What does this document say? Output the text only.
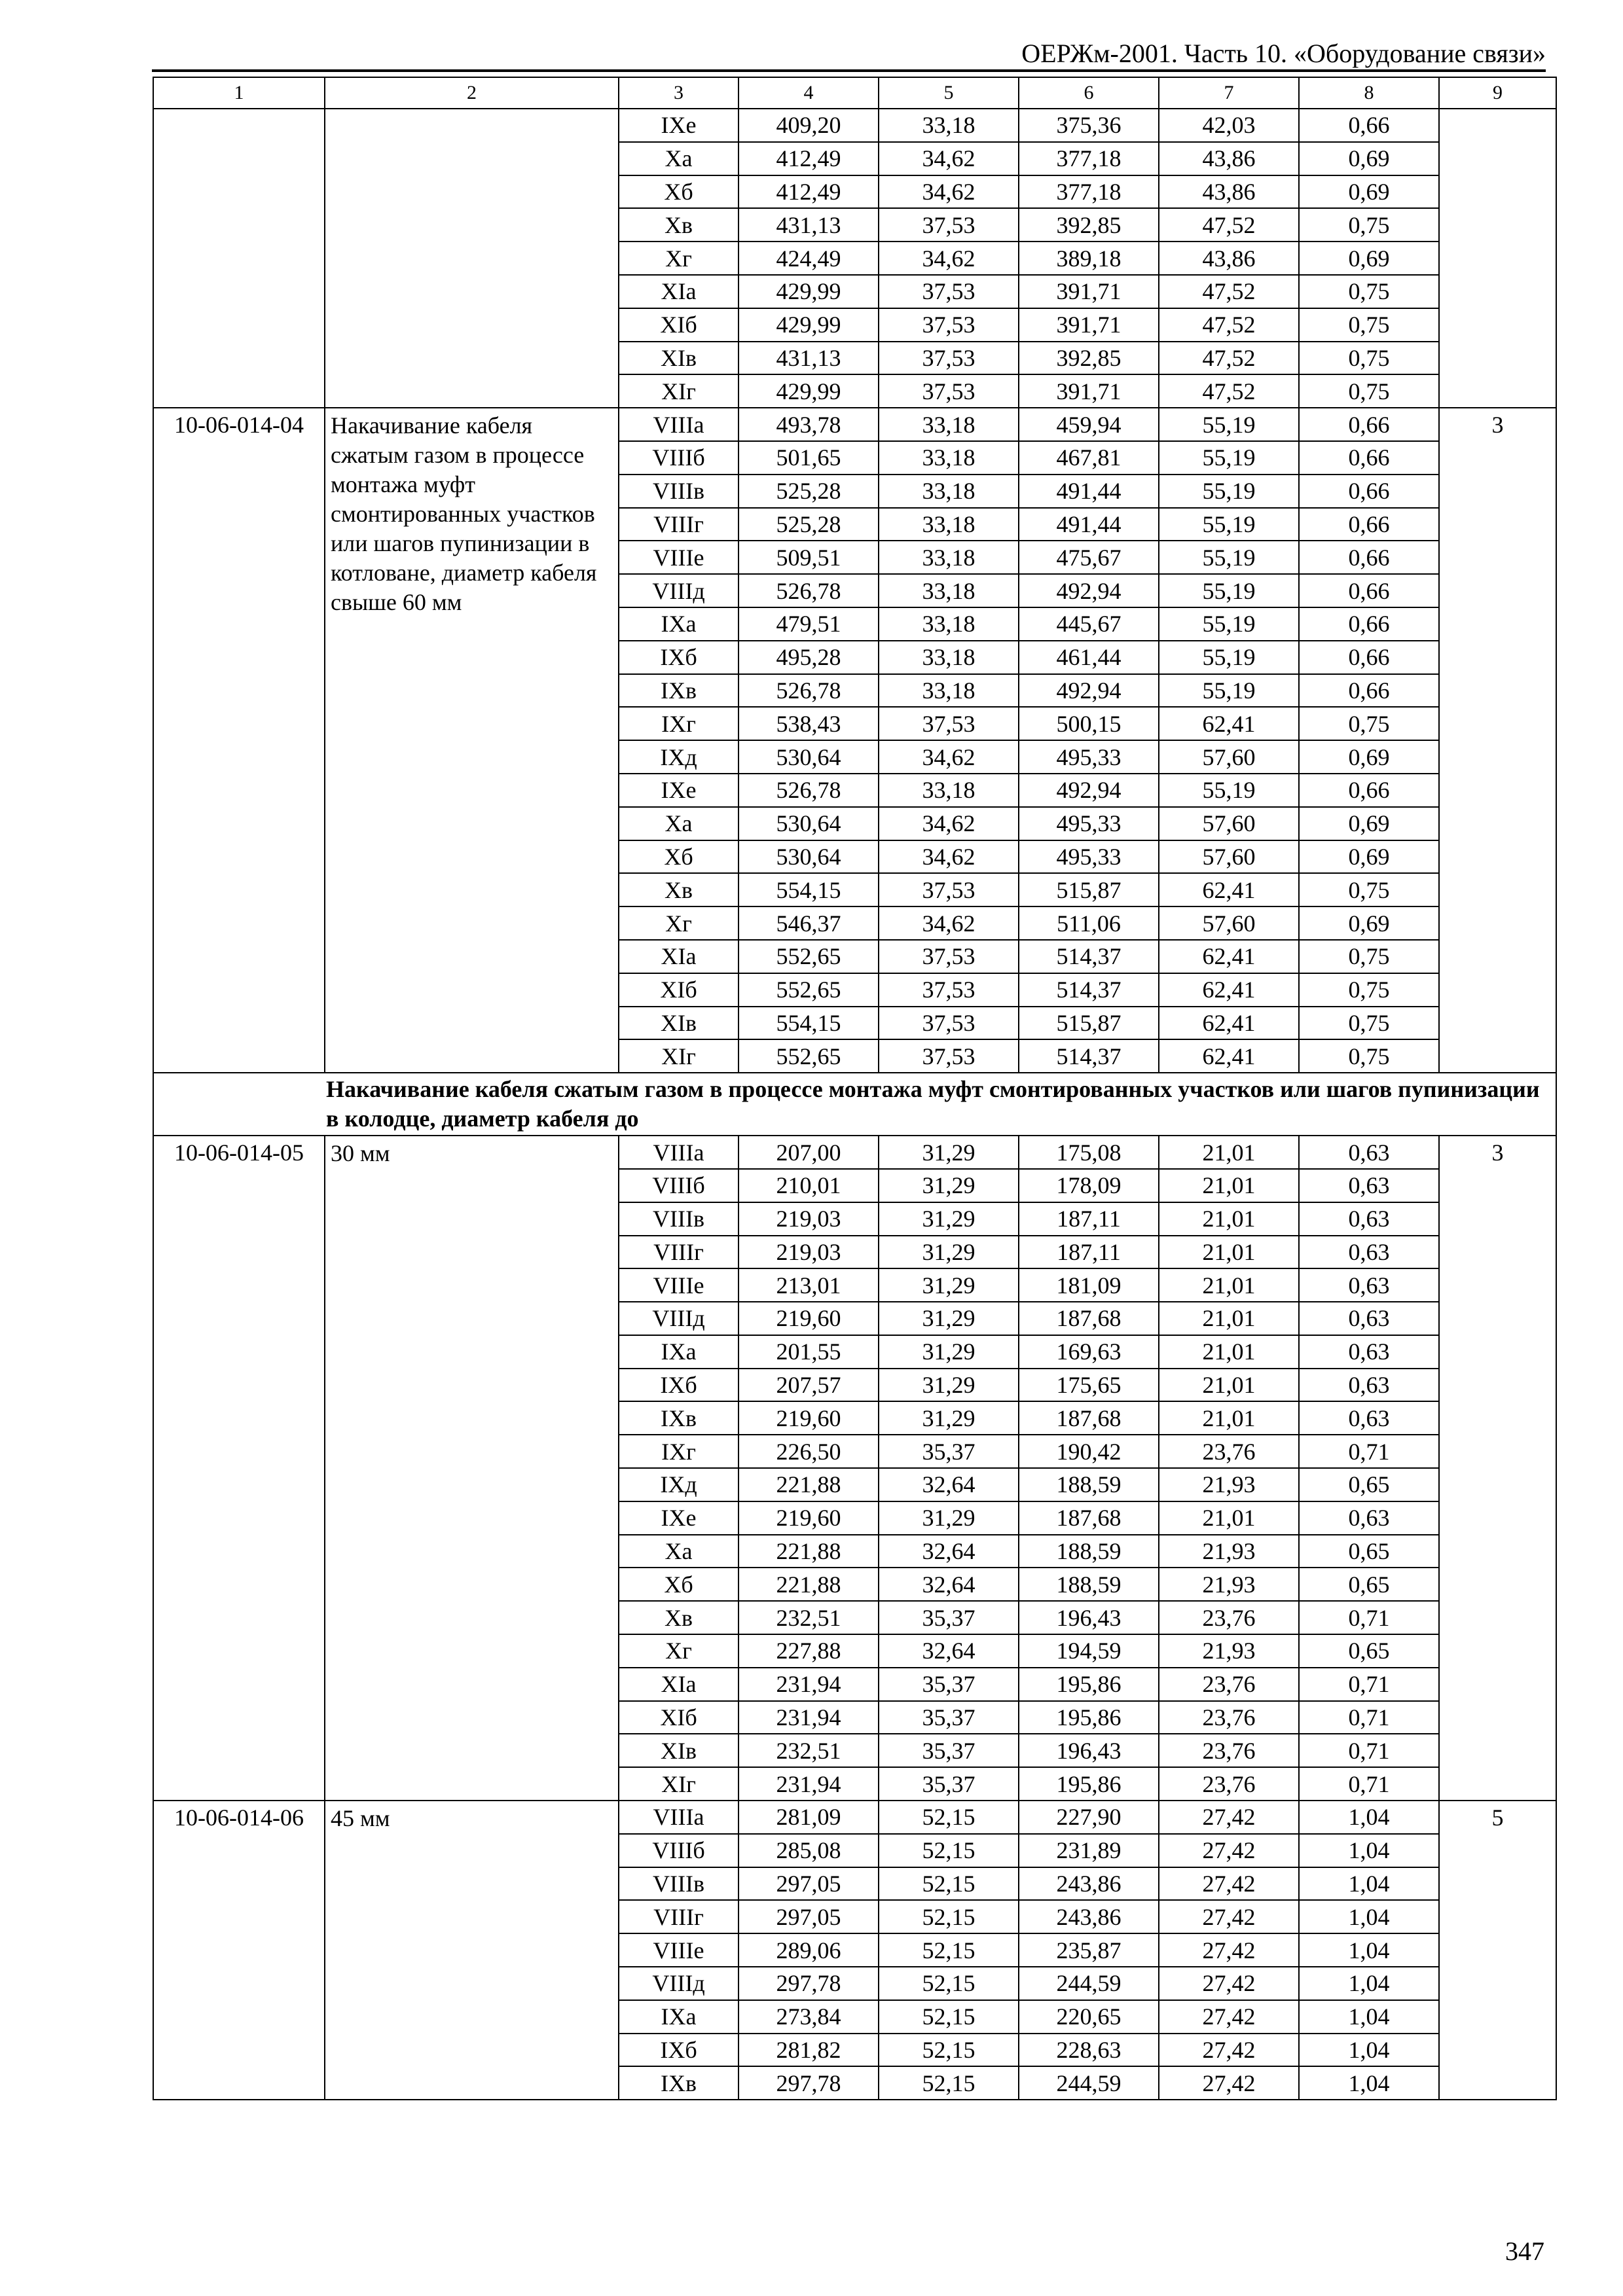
ОЕРЖм-2001. Часть 10. «Оборудование связи»
1	2	3	4	5	6	7	8	9
		IXе	409,20	33,18	375,36	42,03	0,66	
		Xа	412,49	34,62	377,18	43,86	0,69	
		Xб	412,49	34,62	377,18	43,86	0,69	
		Xв	431,13	37,53	392,85	47,52	0,75	
		Xг	424,49	34,62	389,18	43,86	0,69	
		XIа	429,99	37,53	391,71	47,52	0,75	
		XIб	429,99	37,53	391,71	47,52	0,75	
		XIв	431,13	37,53	392,85	47,52	0,75	
		XIг	429,99	37,53	391,71	47,52	0,75	
10-06-014-04	Накачивание кабеля сжатым газом в процессе монтажа муфт смонтированных участков или шагов пупинизации в котловане, диаметр кабеля свыше 60 мм	VIIIа	493,78	33,18	459,94	55,19	0,66	3
		VIIIб	501,65	33,18	467,81	55,19	0,66	
		VIIIв	525,28	33,18	491,44	55,19	0,66	
		VIIIг	525,28	33,18	491,44	55,19	0,66	
		VIIIе	509,51	33,18	475,67	55,19	0,66	
		VIIIд	526,78	33,18	492,94	55,19	0,66	
		IXа	479,51	33,18	445,67	55,19	0,66	
		IXб	495,28	33,18	461,44	55,19	0,66	
		IXв	526,78	33,18	492,94	55,19	0,66	
		IXг	538,43	37,53	500,15	62,41	0,75	
		IXд	530,64	34,62	495,33	57,60	0,69	
		IXе	526,78	33,18	492,94	55,19	0,66	
		Xа	530,64	34,62	495,33	57,60	0,69	
		Xб	530,64	34,62	495,33	57,60	0,69	
		Xв	554,15	37,53	515,87	62,41	0,75	
		Xг	546,37	34,62	511,06	57,60	0,69	
		XIа	552,65	37,53	514,37	62,41	0,75	
		XIб	552,65	37,53	514,37	62,41	0,75	
		XIв	554,15	37,53	515,87	62,41	0,75	
		XIг	552,65	37,53	514,37	62,41	0,75	
Накачивание кабеля сжатым газом в процессе монтажа муфт смонтированных участков или шагов пупинизации в колодце, диаметр кабеля до								
10-06-014-05	30 мм	VIIIа	207,00	31,29	175,08	21,01	0,63	3
		VIIIб	210,01	31,29	178,09	21,01	0,63	
		VIIIв	219,03	31,29	187,11	21,01	0,63	
		VIIIг	219,03	31,29	187,11	21,01	0,63	
		VIIIе	213,01	31,29	181,09	21,01	0,63	
		VIIIд	219,60	31,29	187,68	21,01	0,63	
		IXа	201,55	31,29	169,63	21,01	0,63	
		IXб	207,57	31,29	175,65	21,01	0,63	
		IXв	219,60	31,29	187,68	21,01	0,63	
		IXг	226,50	35,37	190,42	23,76	0,71	
		IXд	221,88	32,64	188,59	21,93	0,65	
		IXе	219,60	31,29	187,68	21,01	0,63	
		Xа	221,88	32,64	188,59	21,93	0,65	
		Xб	221,88	32,64	188,59	21,93	0,65	
		Xв	232,51	35,37	196,43	23,76	0,71	
		Xг	227,88	32,64	194,59	21,93	0,65	
		XIа	231,94	35,37	195,86	23,76	0,71	
		XIб	231,94	35,37	195,86	23,76	0,71	
		XIв	232,51	35,37	196,43	23,76	0,71	
		XIг	231,94	35,37	195,86	23,76	0,71	
10-06-014-06	45 мм	VIIIа	281,09	52,15	227,90	27,42	1,04	5
		VIIIб	285,08	52,15	231,89	27,42	1,04	
		VIIIв	297,05	52,15	243,86	27,42	1,04	
		VIIIг	297,05	52,15	243,86	27,42	1,04	
		VIIIе	289,06	52,15	235,87	27,42	1,04	
		VIIIд	297,78	52,15	244,59	27,42	1,04	
		IXа	273,84	52,15	220,65	27,42	1,04	
		IXб	281,82	52,15	228,63	27,42	1,04	
		IXв	297,78	52,15	244,59	27,42	1,04	
347
